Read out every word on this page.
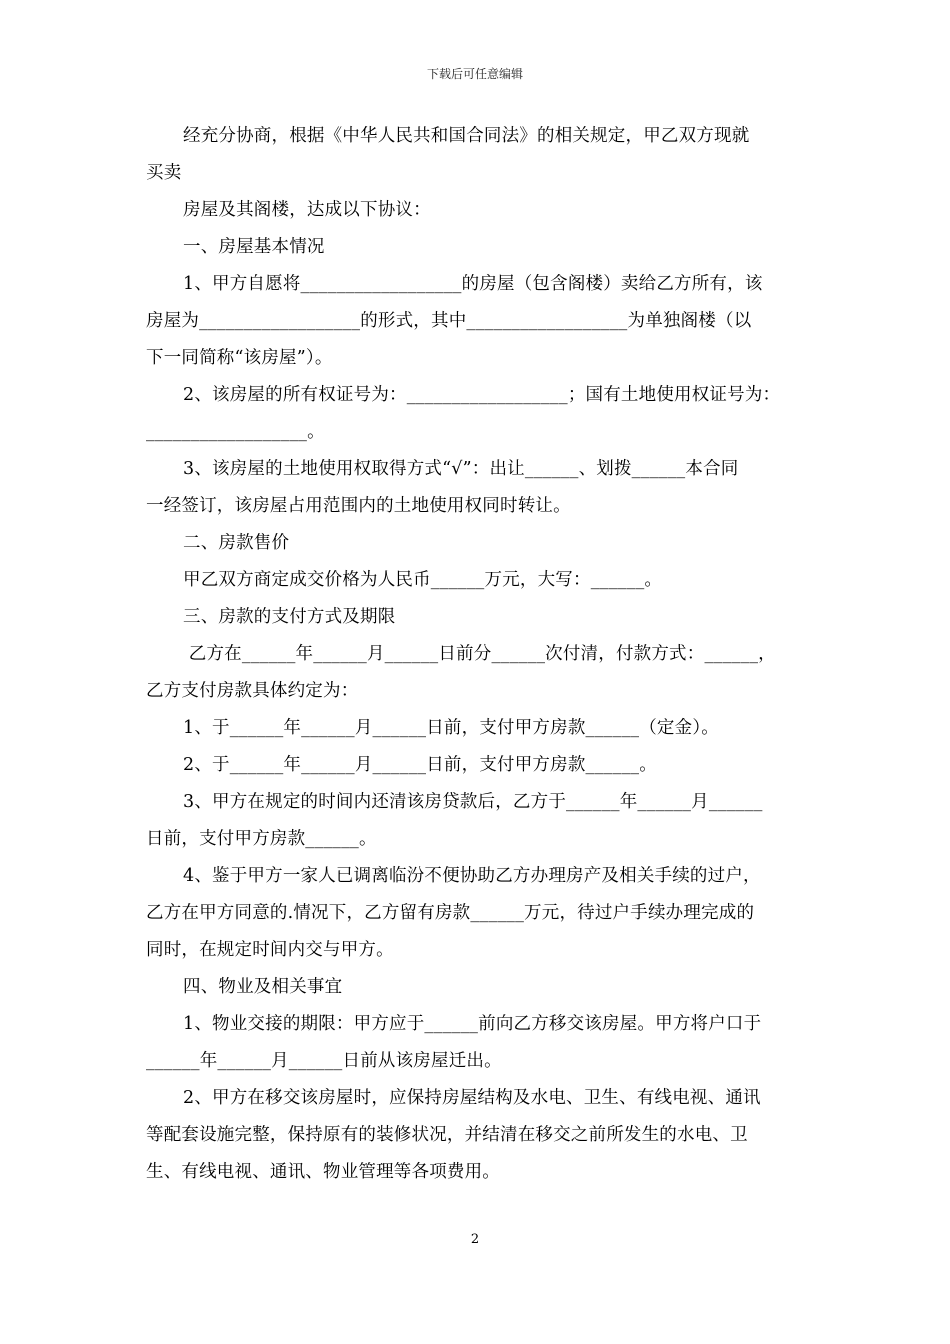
下载后可任意编辑
经充分协商，根据《中华人民共和国合同法》的相关规定，甲乙双方现就
买卖
房屋及其阁楼，达成以下协议：
一、房屋基本情况
1、甲方自愿将__________________的房屋（包含阁楼）卖给乙方所有，该
房屋为__________________的形式，其中__________________为单独阁楼（以
下一同简称“该房屋”）。
2、该房屋的所有权证号为：__________________；国有土地使用权证号为：
__________________。
3、该房屋的土地使用权取得方式“√”：出让______、划拨______本合同
一经签订，该房屋占用范围内的土地使用权同时转让。
二、房款售价
甲乙双方商定成交价格为人民币______万元，大写：______。
三、房款的支付方式及期限
乙方在______年______月______日前分______次付清，付款方式：______，
乙方支付房款具体约定为：
1、于______年______月______日前，支付甲方房款______（定金）。
2、于______年______月______日前，支付甲方房款______。
3、甲方在规定的时间内还清该房贷款后，乙方于______年______月______
日前，支付甲方房款______。
4、鉴于甲方一家人已调离临汾不便协助乙方办理房产及相关手续的过户，
乙方在甲方同意的.情况下，乙方留有房款______万元，待过户手续办理完成的
同时，在规定时间内交与甲方。
四、物业及相关事宜
1、物业交接的期限：甲方应于______前向乙方移交该房屋。甲方将户口于
______年______月______日前从该房屋迁出。
2、甲方在移交该房屋时，应保持房屋结构及水电、卫生、有线电视、通讯
等配套设施完整，保持原有的装修状况，并结清在移交之前所发生的水电、卫
生、有线电视、通讯、物业管理等各项费用。
2
